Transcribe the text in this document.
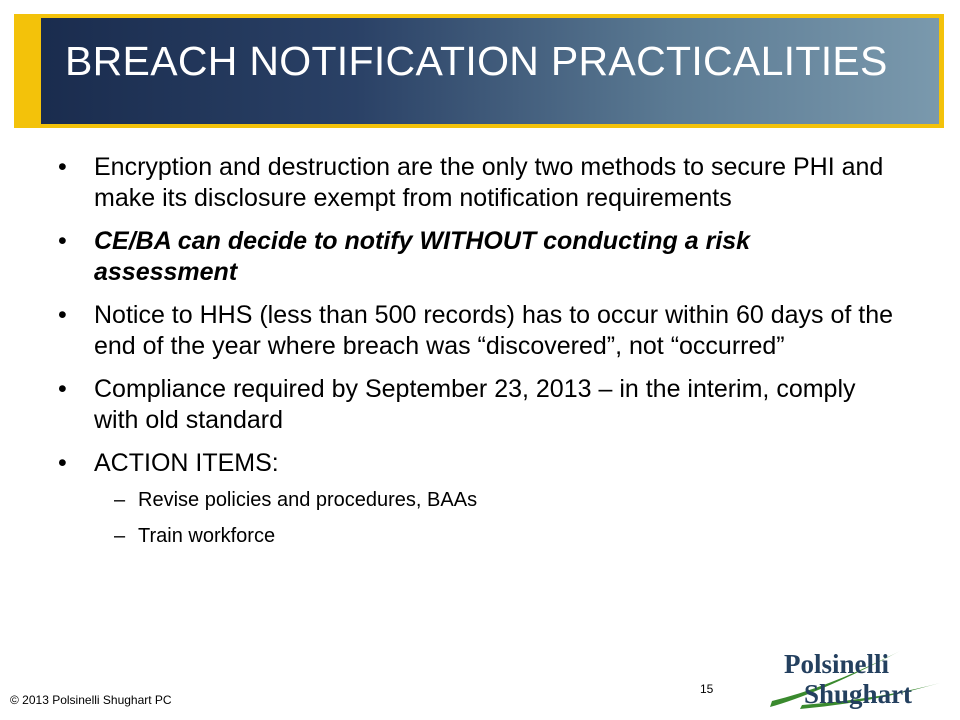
BREACH NOTIFICATION PRACTICALITIES
• Encryption and destruction are the only two methods to secure PHI and make its disclosure exempt from notification requirements
• CE/BA can decide to notify WITHOUT conducting a risk assessment
• Notice to HHS (less than 500 records) has to occur within 60 days of the end of the year where breach was “discovered”, not “occurred”
• Compliance required by September 23, 2013 – in the interim, comply with old standard
• ACTION ITEMS:
– Revise policies and procedures, BAAs
– Train workforce
© 2013 Polsinelli Shughart PC
15
Polsinelli
Shughart
